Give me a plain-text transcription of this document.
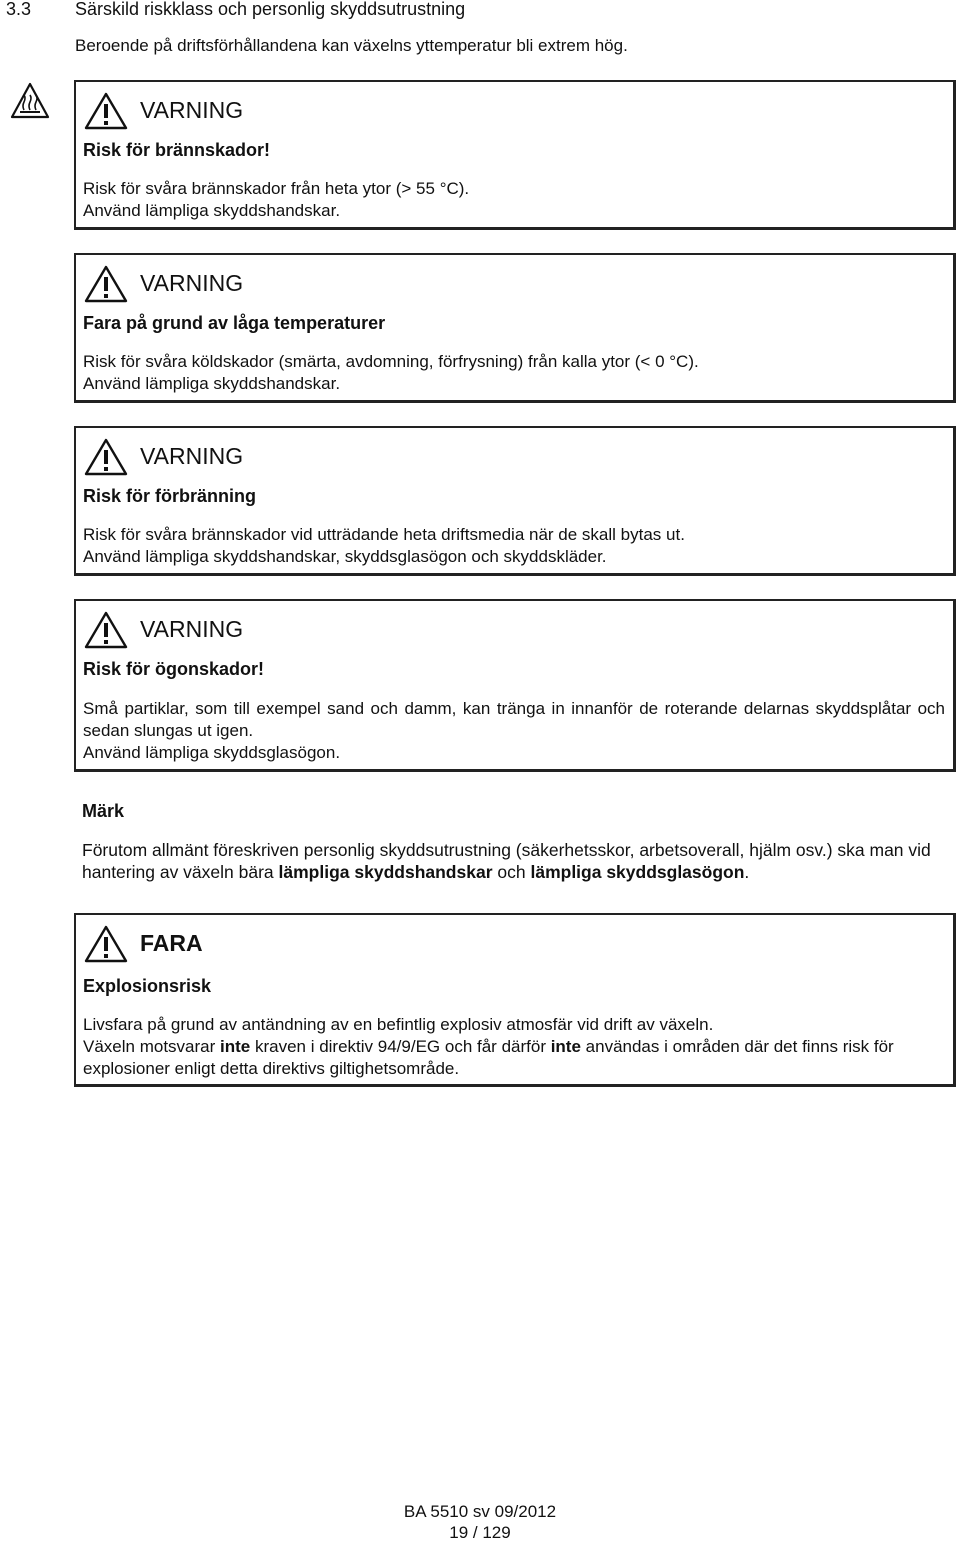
3.3 Särskild riskklass och personlig skyddsutrustning
Beroende på driftsförhållandena kan växelns yttemperatur bli extrem hög.
VARNING
Risk för brännskador!

Risk för svåra brännskador från heta ytor (> 55 °C).

Använd lämpliga skyddshandskar.

VARNING
Fara på grund av låga temperaturer

Risk för svåra köldskador (smärta, avdomning, förfrysning) från kalla ytor (< 0 °C).

Använd lämpliga skyddshandskar.

VARNING
Risk för förbränning

Risk för svåra brännskador vid utträdande heta driftsmedia när de skall bytas ut.

Använd lämpliga skyddshandskar, skyddsglasögon och skyddskläder.

VARNING
Risk för ögonskador!

Små partiklar, som till exempel sand och damm, kan tränga in innanför de roterande delarnas skyddsplåtar och sedan slungas ut igen.

Använd lämpliga skyddsglasögon.

Märk
Förutom allmänt föreskriven personlig skyddsutrustning (säkerhetsskor, arbetsoverall, hjälm osv.) ska man vid hantering av växeln bära lämpliga skyddshandskar och lämpliga skyddsglasögon.
FARA
Explosionsrisk

Livsfara på grund av antändning av en befintlig explosiv atmosfär vid drift av växeln.

Växeln motsvarar inte kraven i direktiv 94/9/EG och får därför inte användas i områden där det finns risk för explosioner enligt detta direktivs giltighetsområde.

BA 5510 sv 09/2012
19 / 129
